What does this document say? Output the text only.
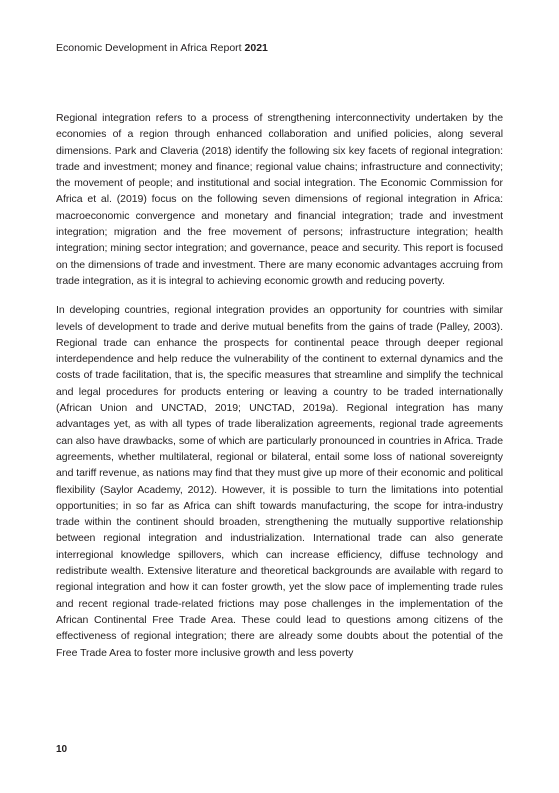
Economic Development in Africa Report 2021

Regional integration refers to a process of strengthening interconnectivity undertaken by the economies of a region through enhanced collaboration and unified policies, along several dimensions. Park and Claveria (2018) identify the following six key facets of regional integration: trade and investment; money and finance; regional value chains; infrastructure and connectivity; the movement of people; and institutional and social integration. The Economic Commission for Africa et al. (2019) focus on the following seven dimensions of regional integration in Africa: macroeconomic convergence and monetary and financial integration; trade and investment integration; migration and the free movement of persons; infrastructure integration; health integration; mining sector integration; and governance, peace and security. This report is focused on the dimensions of trade and investment. There are many economic advantages accruing from trade integration, as it is integral to achieving economic growth and reducing poverty.

In developing countries, regional integration provides an opportunity for countries with similar levels of development to trade and derive mutual benefits from the gains of trade (Palley, 2003). Regional trade can enhance the prospects for continental peace through deeper regional interdependence and help reduce the vulnerability of the continent to external dynamics and the costs of trade facilitation, that is, the specific measures that streamline and simplify the technical and legal procedures for products entering or leaving a country to be traded internationally (African Union and UNCTAD, 2019; UNCTAD, 2019a). Regional integration has many advantages yet, as with all types of trade liberalization agreements, regional trade agreements can also have drawbacks, some of which are particularly pronounced in countries in Africa. Trade agreements, whether multilateral, regional or bilateral, entail some loss of national sovereignty and tariff revenue, as nations may find that they must give up more of their economic and political flexibility (Saylor Academy, 2012). However, it is possible to turn the limitations into potential opportunities; in so far as Africa can shift towards manufacturing, the scope for intra-industry trade within the continent should broaden, strengthening the mutually supportive relationship between regional integration and industrialization. International trade can also generate interregional knowledge spillovers, which can increase efficiency, diffuse technology and redistribute wealth. Extensive literature and theoretical backgrounds are available with regard to regional integration and how it can foster growth, yet the slow pace of implementing trade rules and recent regional trade-related frictions may pose challenges in the implementation of the African Continental Free Trade Area. These could lead to questions among citizens of the effectiveness of regional integration; there are already some doubts about the potential of the Free Trade Area to foster more inclusive growth and less poverty

10
